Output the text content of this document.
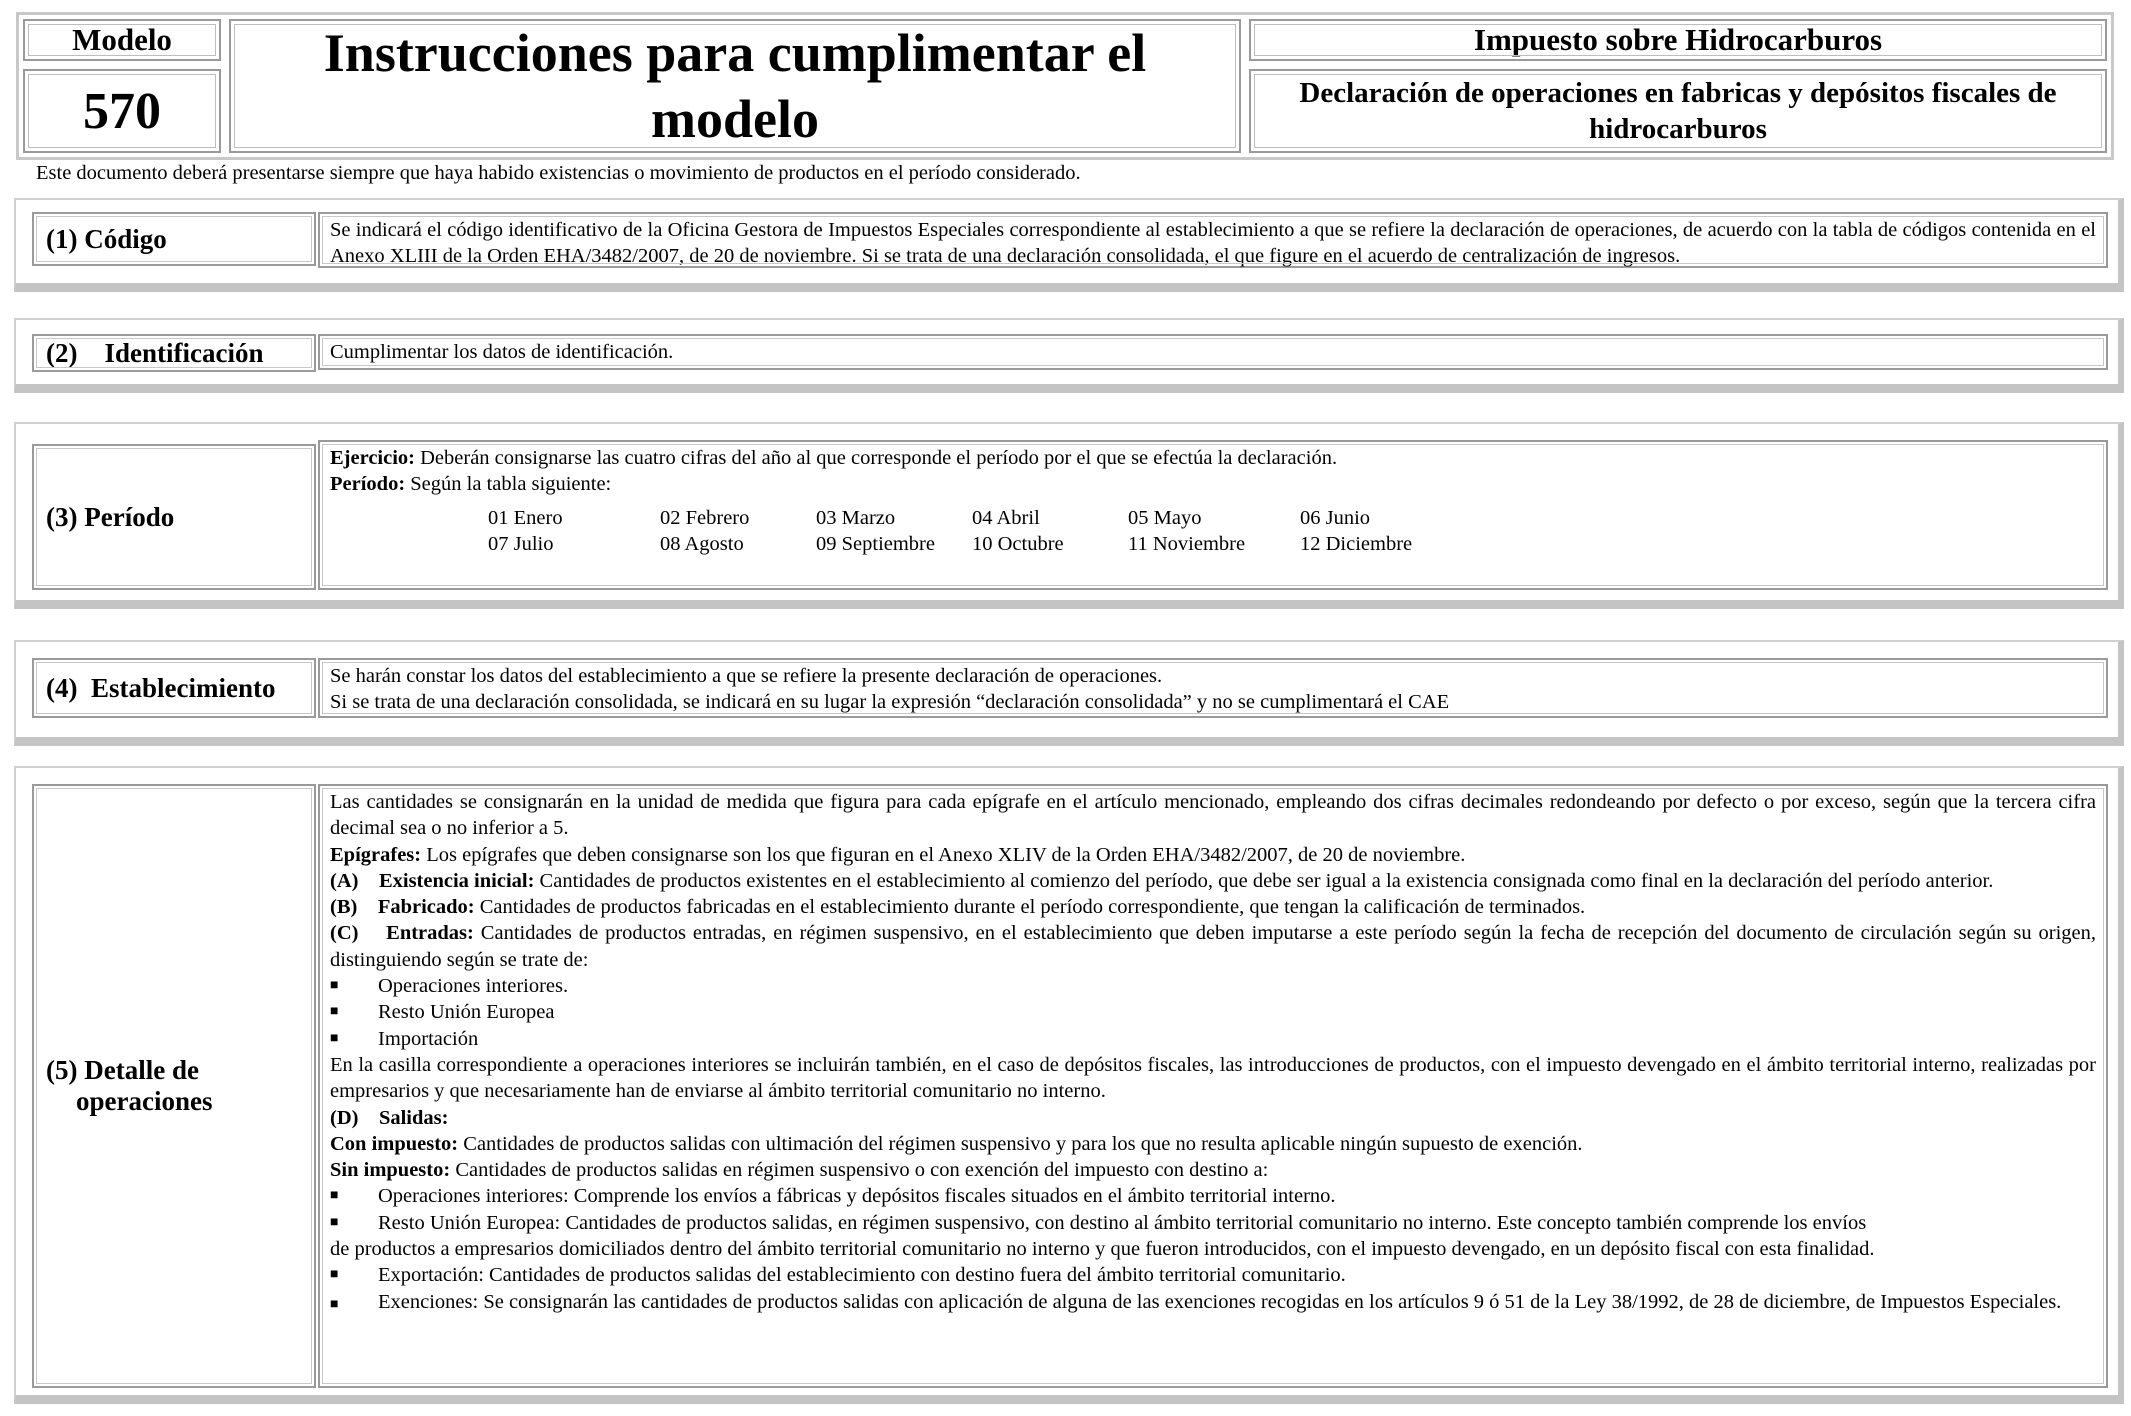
Modelo
570
Instrucciones para cumplimentar el modelo
Impuesto sobre Hidrocarburos
Declaración de operaciones en fabricas y depósitos fiscales de hidrocarburos
Este documento deberá presentarse siempre que haya habido existencias o movimiento de productos en el período considerado.
(1) Código	Se indicará el código identificativo de la Oficina Gestora de Impuestos Especiales correspondiente al establecimiento a que se refiere la declaración de operaciones, de acuerdo con la tabla de códigos contenida en el Anexo XLIII de la Orden EHA/3482/2007, de 20 de noviembre. Si se trata de una declaración consolidada, el que figure en el acuerdo de centralización de ingresos.

(2)    Identificación	Cumplimentar los datos de identificación.

(3) Período

Ejercicio: Deberán consignarse las cuatro cifras del año al que corresponde el período por el que se efectúa la declaración.

Período: Según la tabla siguiente:

01 Enero	02 Febrero	03 Marzo	04 Abril	05 Mayo	06 Junio
07 Julio	08 Agosto	09 Septiembre	10 Octubre	11 Noviembre	12 Diciembre
(4)  Establecimiento	Se harán constar los datos del establecimiento a que se refiere la presente declaración de operaciones.

Si se trata de una declaración consolidada, se indicará en su lugar la expresión “declaración consolidada” y no se cumplimentará el CAE

(5) Detalle de
operaciones

Las cantidades se consignarán en la unidad de medida que figura para cada epígrafe en el artículo mencionado, empleando dos cifras decimales redondeando por defecto o por exceso, según que la tercera cifra decimal sea o no inferior a 5.

Epígrafes: Los epígrafes que deben consignarse son los que figuran en el Anexo XLIV de la Orden EHA/3482/2007, de 20 de noviembre.

(A)    Existencia inicial: Cantidades de productos existentes en el establecimiento al comienzo del período, que debe ser igual a la existencia consignada como final en la declaración del período anterior.

(B)    Fabricado: Cantidades de productos fabricadas en el establecimiento durante el período correspondiente, que tengan la calificación de terminados.

(C)    Entradas: Cantidades de productos entradas, en régimen suspensivo, en el establecimiento que deben imputarse a este período según la fecha de recepción del documento de circulación según su origen, distinguiendo según se trate de:

■	Operaciones interiores.
■	Resto Unión Europea
■	Importación

En la casilla correspondiente a operaciones interiores se incluirán también, en el caso de depósitos fiscales, las introducciones de productos, con el impuesto devengado en el ámbito territorial interno, realizadas por empresarios y que necesariamente han de enviarse al ámbito territorial comunitario no interno.

(D)    Salidas:

Con impuesto: Cantidades de productos salidas con ultimación del régimen suspensivo y para los que no resulta aplicable ningún supuesto de exención.

Sin impuesto: Cantidades de productos salidas en régimen suspensivo o con exención del impuesto con destino a:

■	Operaciones interiores: Comprende los envíos a fábricas y depósitos fiscales situados en el ámbito territorial interno.
■	Resto Unión Europea: Cantidades de productos salidas, en régimen suspensivo, con destino al ámbito territorial comunitario no interno. Este concepto también comprende los envíos

de productos a empresarios domiciliados dentro del ámbito territorial comunitario no interno y que fueron introducidos, con el impuesto devengado, en un depósito fiscal con esta finalidad.

■	Exportación: Cantidades de productos salidas del establecimiento con destino fuera del ámbito territorial comunitario.
■ Exenciones: Se consignarán las cantidades de productos salidas con aplicación de alguna de las exenciones recogidas en los artículos 9 ó 51 de la Ley 38/1992, de 28 de diciembre, de Impuestos Especiales.
